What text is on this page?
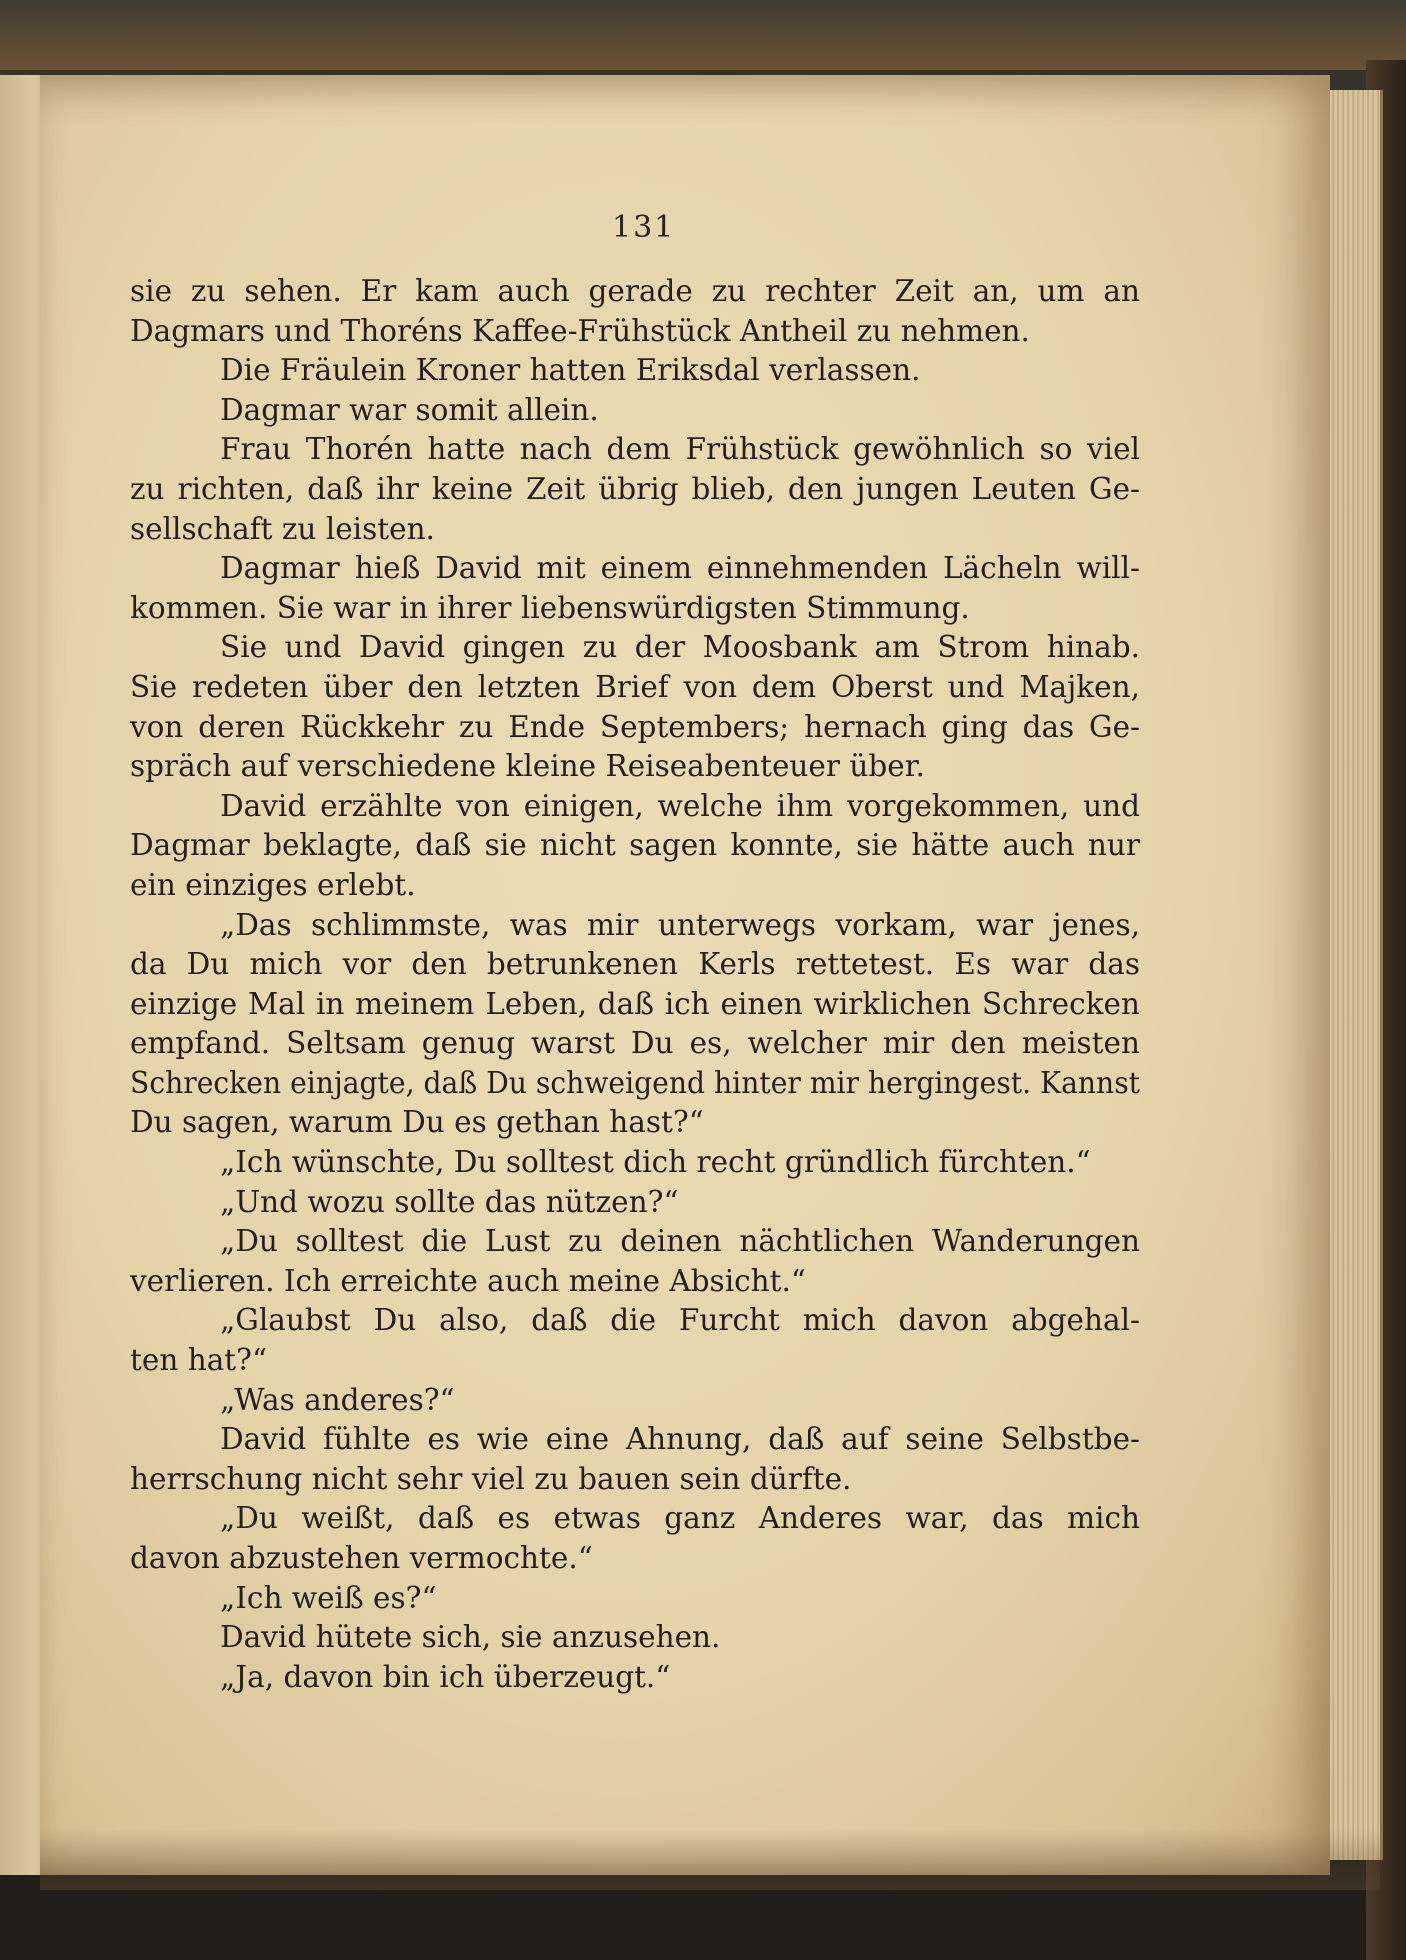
131
sie zu sehen. Er kam auch gerade zu rechter Zeit an, um an
Dagmars und Thoréns Kaffee-Frühstück Antheil zu nehmen.
Die Fräulein Kroner hatten Eriksdal verlassen.
Dagmar war somit allein.
Frau Thorén hatte nach dem Frühstück gewöhnlich so viel
zu richten, daß ihr keine Zeit übrig blieb, den jungen Leuten Ge-
sellschaft zu leisten.
Dagmar hieß David mit einem einnehmenden Lächeln will-
kommen. Sie war in ihrer liebenswürdigsten Stimmung.
Sie und David gingen zu der Moosbank am Strom hinab.
Sie redeten über den letzten Brief von dem Oberst und Majken,
von deren Rückkehr zu Ende Septembers; hernach ging das Ge-
spräch auf verschiedene kleine Reiseabenteuer über.
David erzählte von einigen, welche ihm vorgekommen, und
Dagmar beklagte, daß sie nicht sagen konnte, sie hätte auch nur
ein einziges erlebt.
„Das schlimmste, was mir unterwegs vorkam, war jenes,
da Du mich vor den betrunkenen Kerls rettetest. Es war das
einzige Mal in meinem Leben, daß ich einen wirklichen Schrecken
empfand. Seltsam genug warst Du es, welcher mir den meisten
Schrecken einjagte, daß Du schweigend hinter mir hergingest. Kannst
Du sagen, warum Du es gethan hast?“
„Ich wünschte, Du solltest dich recht gründlich fürchten.“
„Und wozu sollte das nützen?“
„Du solltest die Lust zu deinen nächtlichen Wanderungen
verlieren. Ich erreichte auch meine Absicht.“
„Glaubst Du also, daß die Furcht mich davon abgehal-
ten hat?“
„Was anderes?“
David fühlte es wie eine Ahnung, daß auf seine Selbstbe-
herrschung nicht sehr viel zu bauen sein dürfte.
„Du weißt, daß es etwas ganz Anderes war, das mich
davon abzustehen vermochte.“
„Ich weiß es?“
David hütete sich, sie anzusehen.
„Ja, davon bin ich überzeugt.“
